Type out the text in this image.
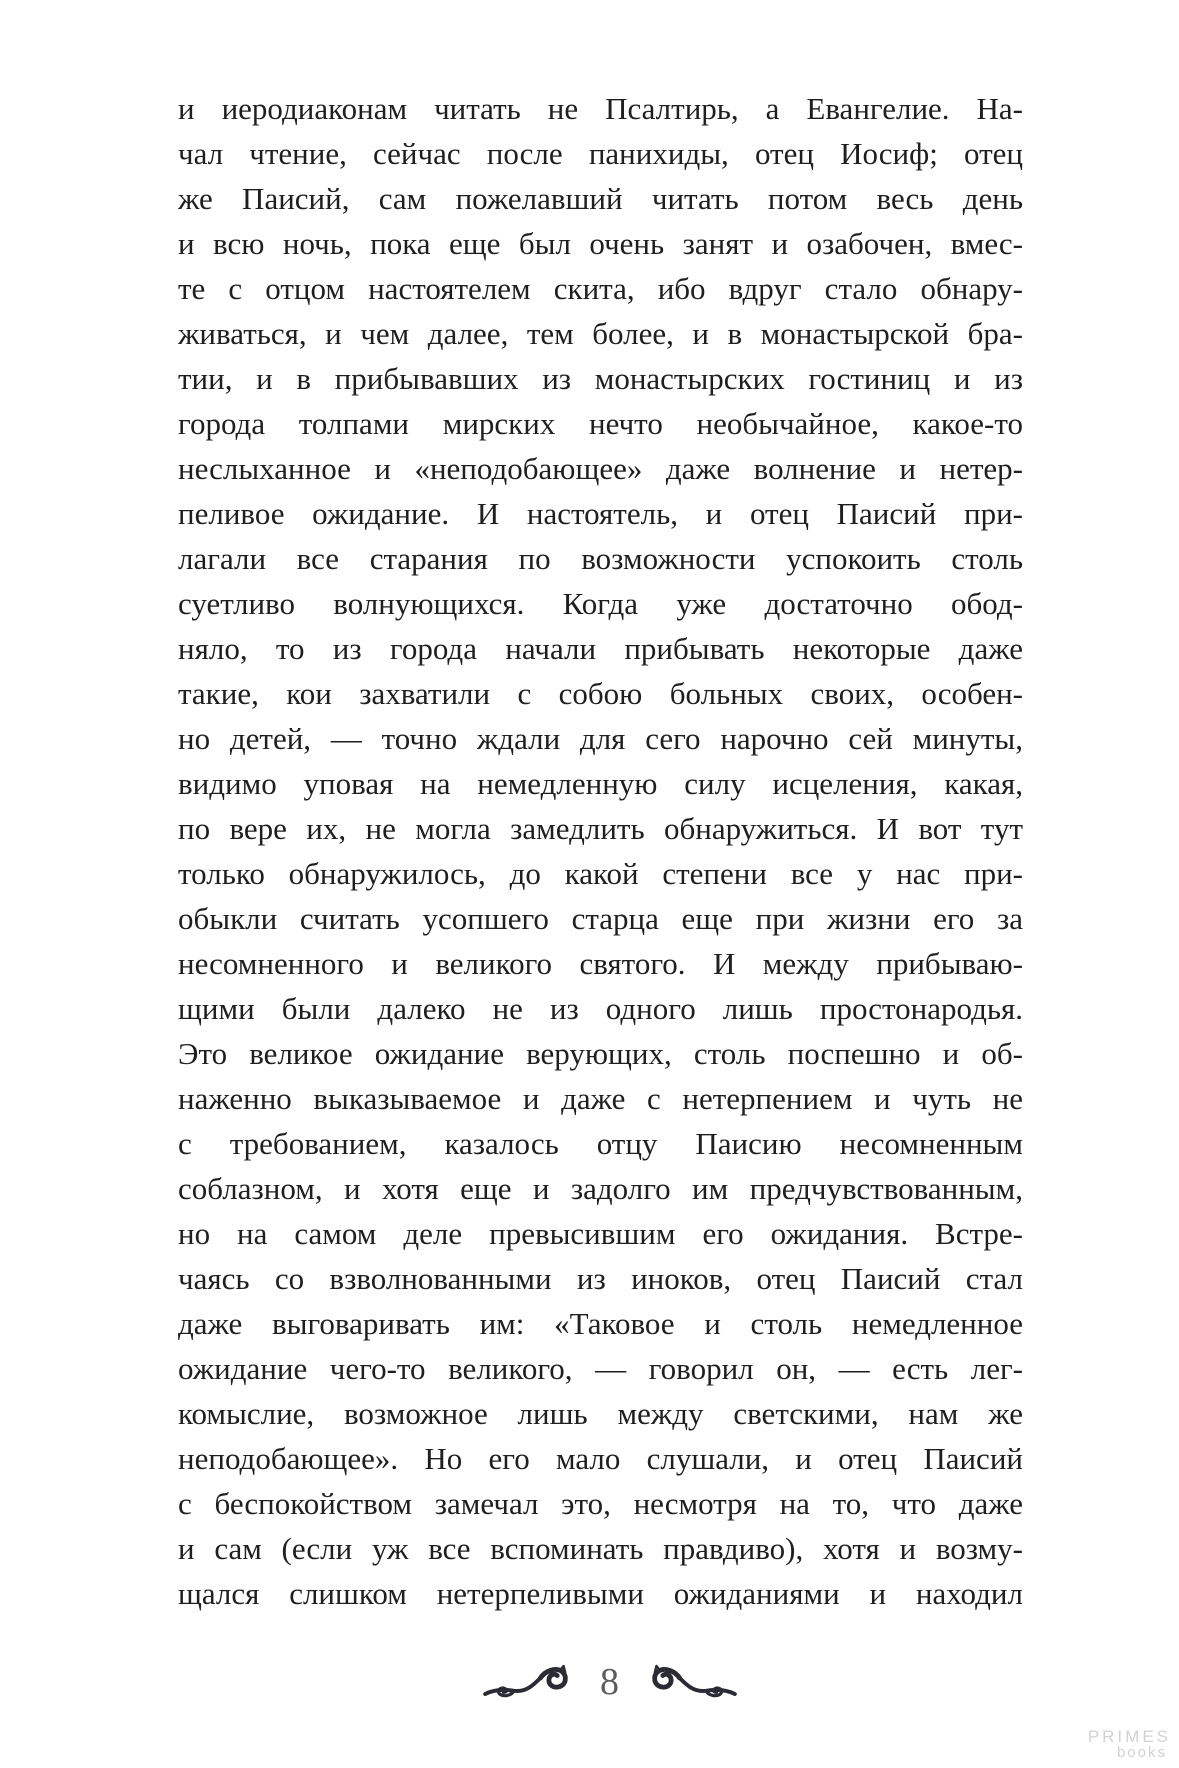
и иеродиаконам читать не Псалтирь, а Евангелие. На-
чал чтение, сейчас после панихиды, отец Иосиф; отец
же Паисий, сам пожелавший читать потом весь день
и всю ночь, пока еще был очень занят и озабочен, вмес-
те с отцом настоятелем скита, ибо вдруг стало обнару-
живаться, и чем далее, тем более, и в монастырской бра-
тии, и в прибывавших из монастырских гостиниц и из
города толпами мирских нечто необычайное, какое-то
неслыханное и «неподобающее» даже волнение и нетер-
пеливое ожидание. И настоятель, и отец Паисий при-
лагали все старания по возможности успокоить столь
суетливо волнующихся. Когда уже достаточно обод-
няло, то из города начали прибывать некоторые даже
такие, кои захватили с собою больных своих, особен-
но детей, — точно ждали для сего нарочно сей минуты,
видимо уповая на немедленную силу исцеления, какая,
по вере их, не могла замедлить обнаружиться. И вот тут
только обнаружилось, до какой степени все у нас при-
обыкли считать усопшего старца еще при жизни его за
несомненного и великого святого. И между прибываю-
щими были далеко не из одного лишь простонародья.
Это великое ожидание верующих, столь поспешно и об-
наженно выказываемое и даже с нетерпением и чуть не
с требованием, казалось отцу Паисию несомненным
соблазном, и хотя еще и задолго им предчувствованным,
но на самом деле превысившим его ожидания. Встре-
чаясь со взволнованными из иноков, отец Паисий стал
даже выговаривать им: «Таковое и столь немедленное
ожидание чего-то великого, — говорил он, — есть лег-
комыслие, возможное лишь между светскими, нам же
неподобающее». Но его мало слушали, и отец Паисий
с беспокойством замечал это, несмотря на то, что даже
и сам (если уж все вспоминать правдиво), хотя и возму-
щался слишком нетерпеливыми ожиданиями и находил
8
PRIMES
books
